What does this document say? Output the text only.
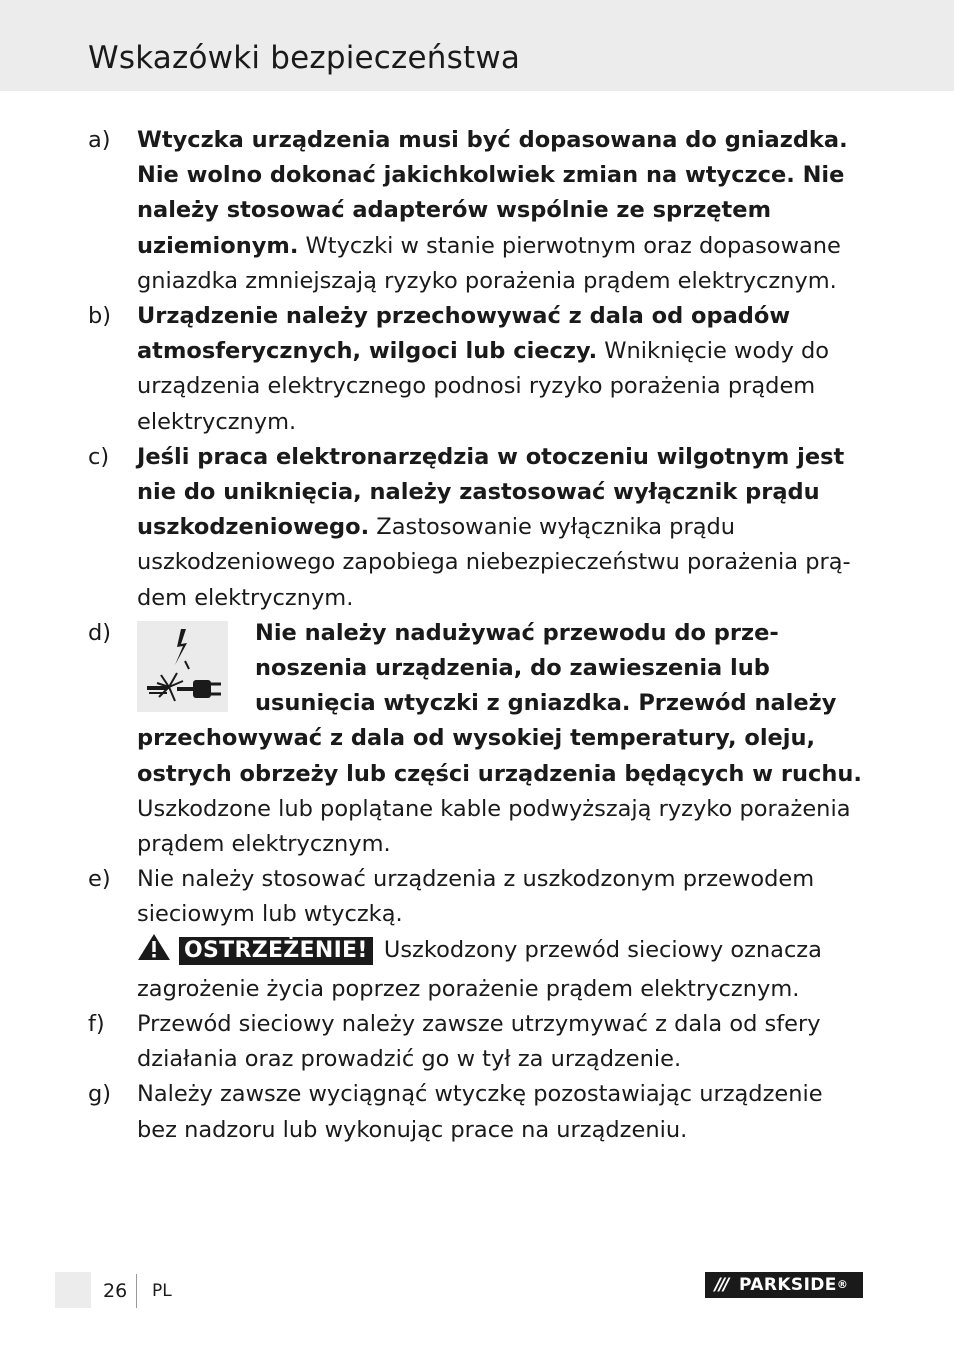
Wskazówki bezpieczeństwa
a) Wtyczka urządzenia musi być dopasowana do gniazdka. Nie wolno dokonać jakichkolwiek zmian na wtyczce. Nie należy stosować adapterów wspólnie ze sprzętem uziemionym. Wtyczki w stanie pierwotnym oraz dopasowane gniazdka zmniejszają ryzyko porażenia prądem elektrycznym.
b) Urządzenie należy przechowywać z dala od opadów atmosferycznych, wilgoci lub cieczy. Wniknięcie wody do urządzenia elektrycznego podnosi ryzyko porażenia prądem elektrycznym.
c) Jeśli praca elektronarzędzia w otoczeniu wilgotnym jest nie do uniknięcia, należy zastosować wyłącznik prądu uszkodzeniowego. Zastosowanie wyłącznika prądu uszkodzeniowego zapobiega niebezpieczeństwu porażenia prą-dem elektrycznym.
d)	Nie należy nadużywać przewodu do prze-noszenia urządzenia, do zawieszenia lub usunięcia wtyczki z gniazdka. Przewód należy przechowywać z dala od wysokiej temperatury, oleju, ostrych obrzeży lub części urządzenia będących w ruchu. Uszkodzone lub poplątane kable podwyższają ryzyko porażenia prądem elektrycznym.
e) Nie należy stosować urządzenia z uszkodzonym przewodem sieciowym lub wtyczką.
OSTRZEŻENIE! Uszkodzony przewód sieciowy oznacza zagrożenie życia poprzez porażenie prądem elektrycznym.
f) Przewód sieciowy należy zawsze utrzymywać z dala od sfery działania oraz prowadzić go w tył za urządzenie.
g) Należy zawsze wyciągnąć wtyczkę pozostawiając urządzenie bez nadzoru lub wykonując prace na urządzeniu.
26 PL	/// PARKSIDE®
